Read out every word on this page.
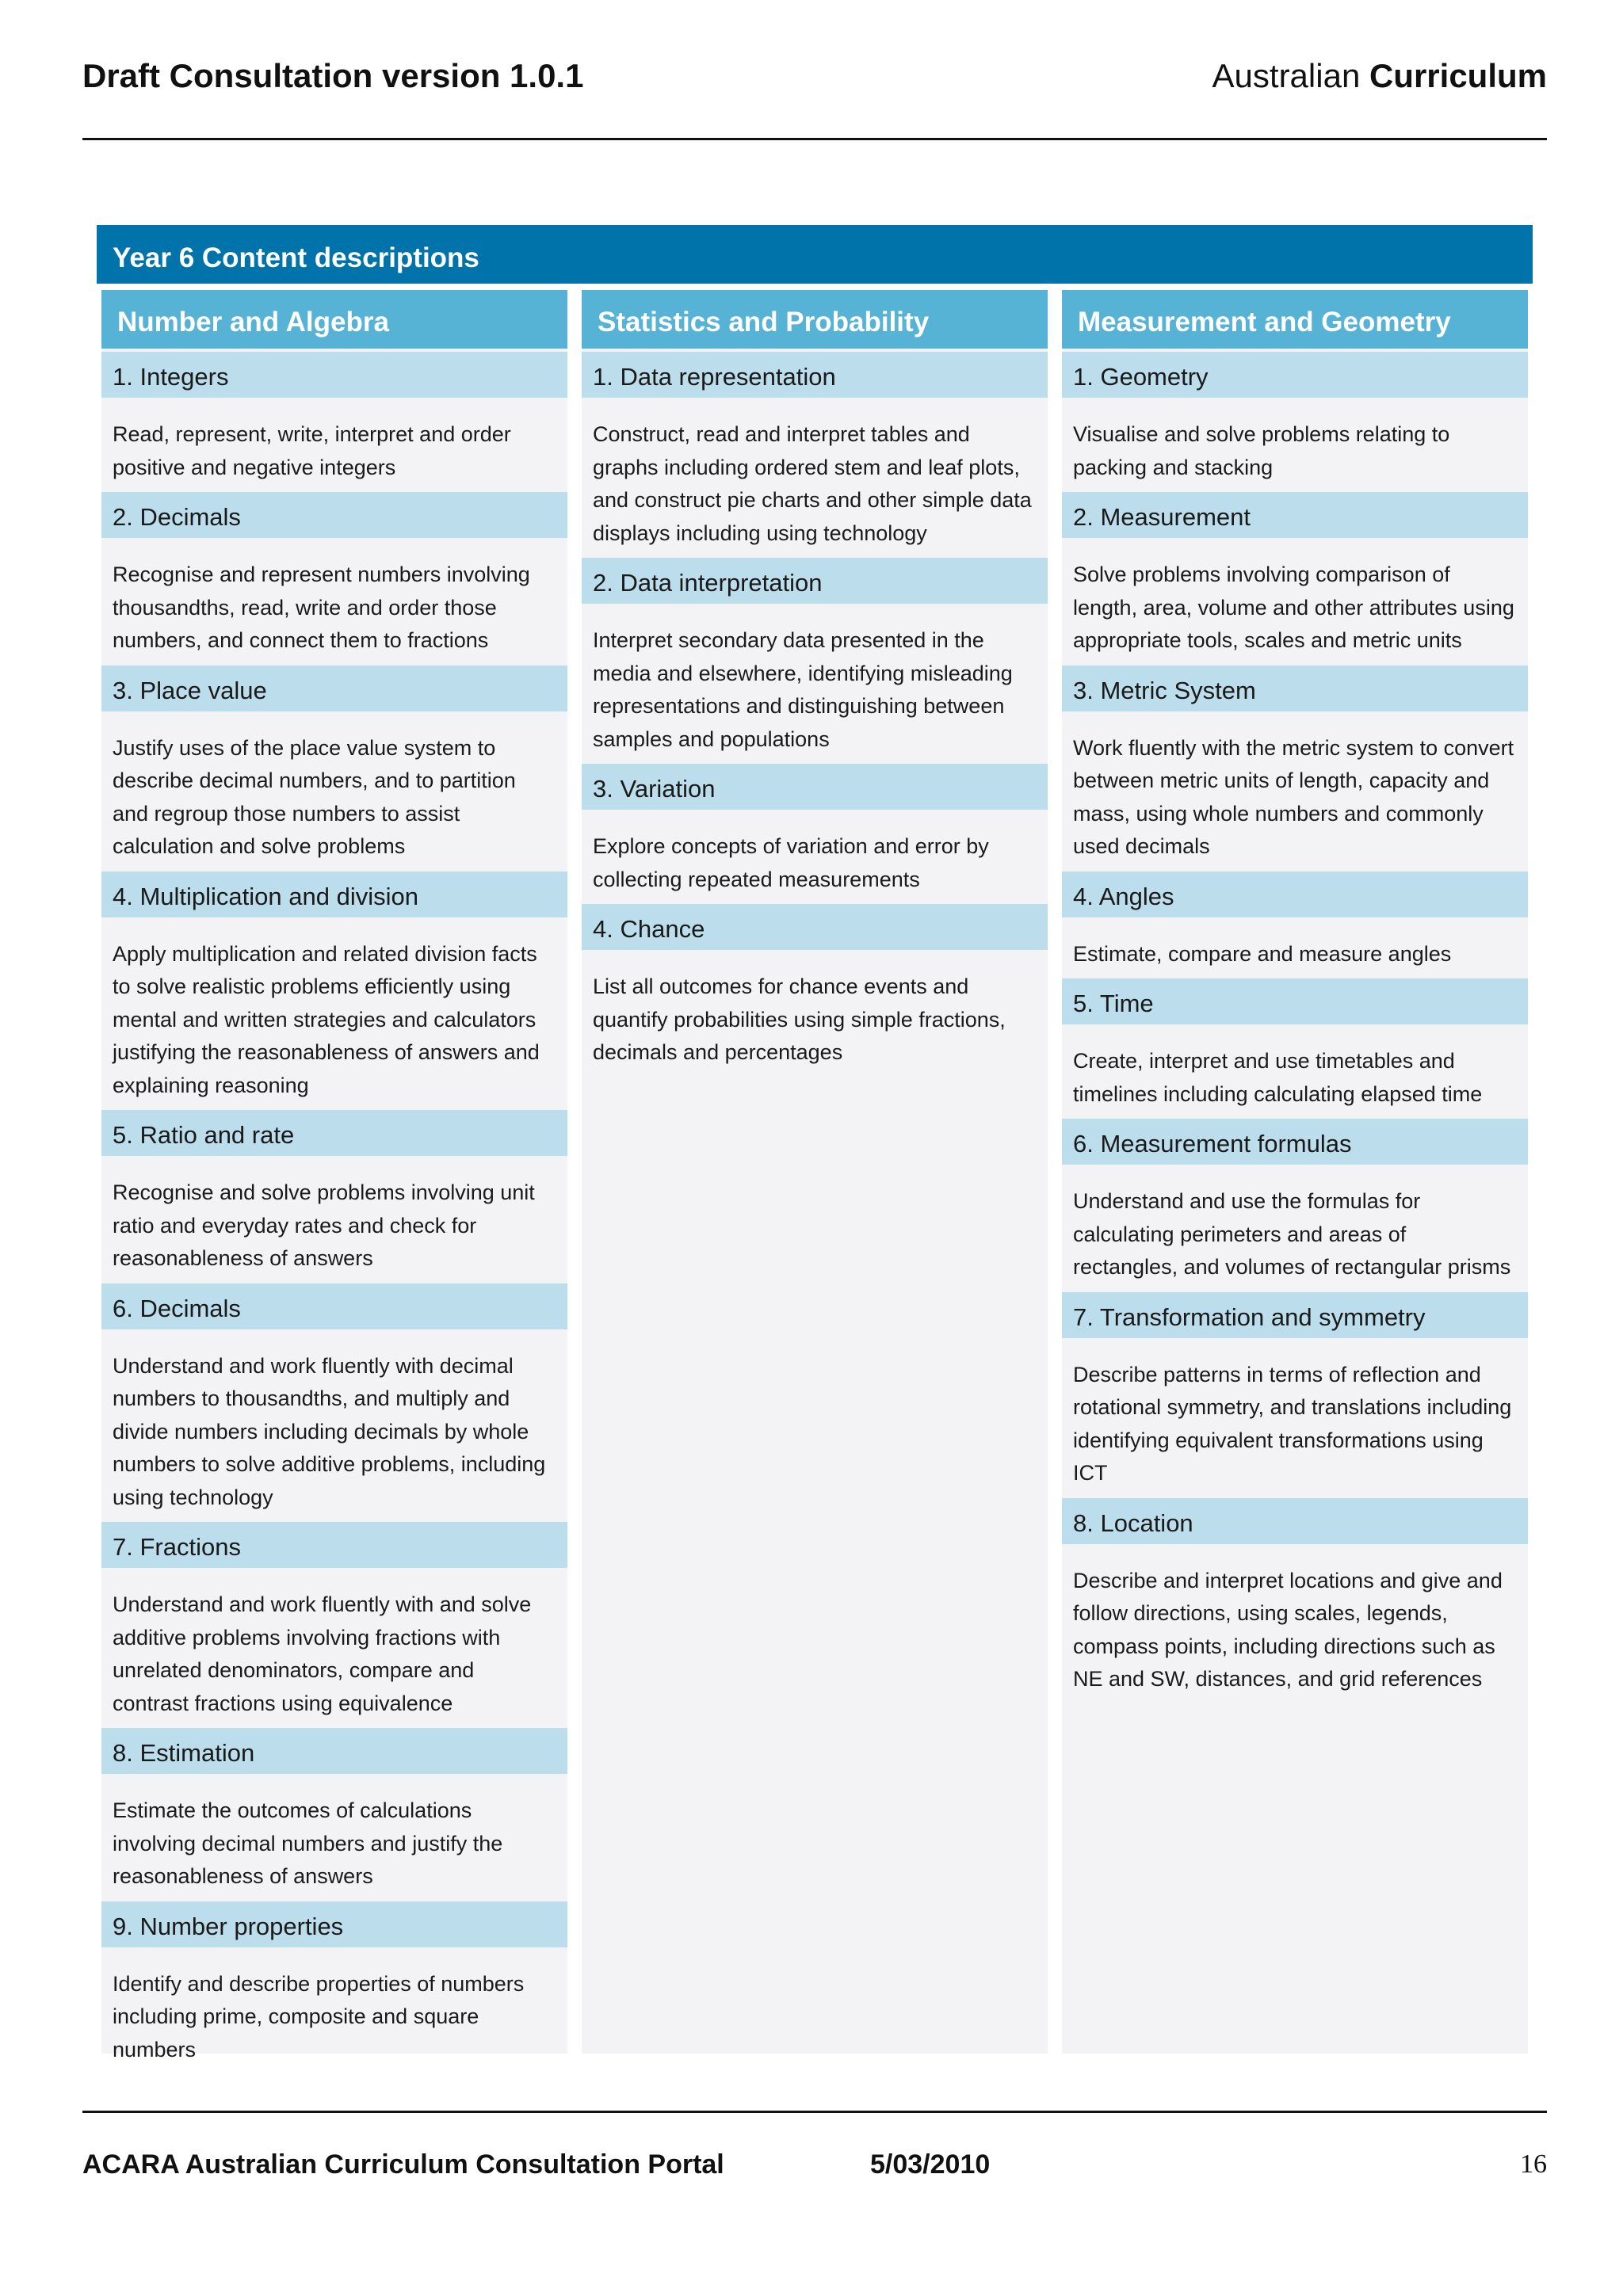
Draft Consultation version 1.0.1	Australian Curriculum
Year 6 Content descriptions
Number and Algebra
1. Integers
Read, represent, write, interpret and order positive and negative integers
2. Decimals
Recognise and represent numbers involving thousandths, read, write and order those numbers, and connect them to fractions
3. Place value
Justify uses of the place value system to describe decimal numbers, and to partition and regroup those numbers to assist calculation and solve problems
4. Multiplication and division
Apply multiplication and related division facts to solve realistic problems efficiently using mental and written strategies and calculators justifying the reasonableness of answers and explaining reasoning
5. Ratio and rate
Recognise and solve problems involving unit ratio and everyday rates and check for reasonableness of answers
6. Decimals
Understand and work fluently with decimal numbers to thousandths, and multiply and divide numbers including decimals by whole numbers to solve additive problems, including using technology
7. Fractions
Understand and work fluently with and solve additive problems involving fractions with unrelated denominators, compare and contrast fractions using equivalence
8. Estimation
Estimate the outcomes of calculations involving decimal numbers and justify the reasonableness of answers
9. Number properties
Identify and describe properties of numbers including prime, composite and square numbers
Statistics and Probability
1. Data representation
Construct, read and interpret tables and graphs including ordered stem and leaf plots, and construct pie charts and other simple data displays including using technology
2. Data interpretation
Interpret secondary data presented in the media and elsewhere, identifying misleading representations and distinguishing between samples and populations
3. Variation
Explore concepts of variation and error by collecting repeated measurements
4. Chance
List all outcomes for chance events and quantify probabilities using simple fractions, decimals and percentages
Measurement and Geometry
1. Geometry
Visualise and solve problems relating to packing and stacking
2. Measurement
Solve problems involving comparison of length, area, volume and other attributes using appropriate tools, scales and metric units
3. Metric System
Work fluently with the metric system to convert between metric units of length, capacity and mass, using whole numbers and commonly used decimals
4. Angles
Estimate, compare and measure angles
5. Time
Create, interpret and use timetables and timelines including calculating elapsed time
6. Measurement formulas
Understand and use the formulas for calculating perimeters and areas of rectangles, and volumes of rectangular prisms
7. Transformation and symmetry
Describe patterns in terms of reflection and rotational symmetry, and translations including identifying equivalent transformations using ICT
8. Location
Describe and interpret locations and give and follow directions, using scales, legends, compass points, including directions such as NE and SW, distances, and grid references
ACARA Australian Curriculum Consultation Portal	5/03/2010	16
